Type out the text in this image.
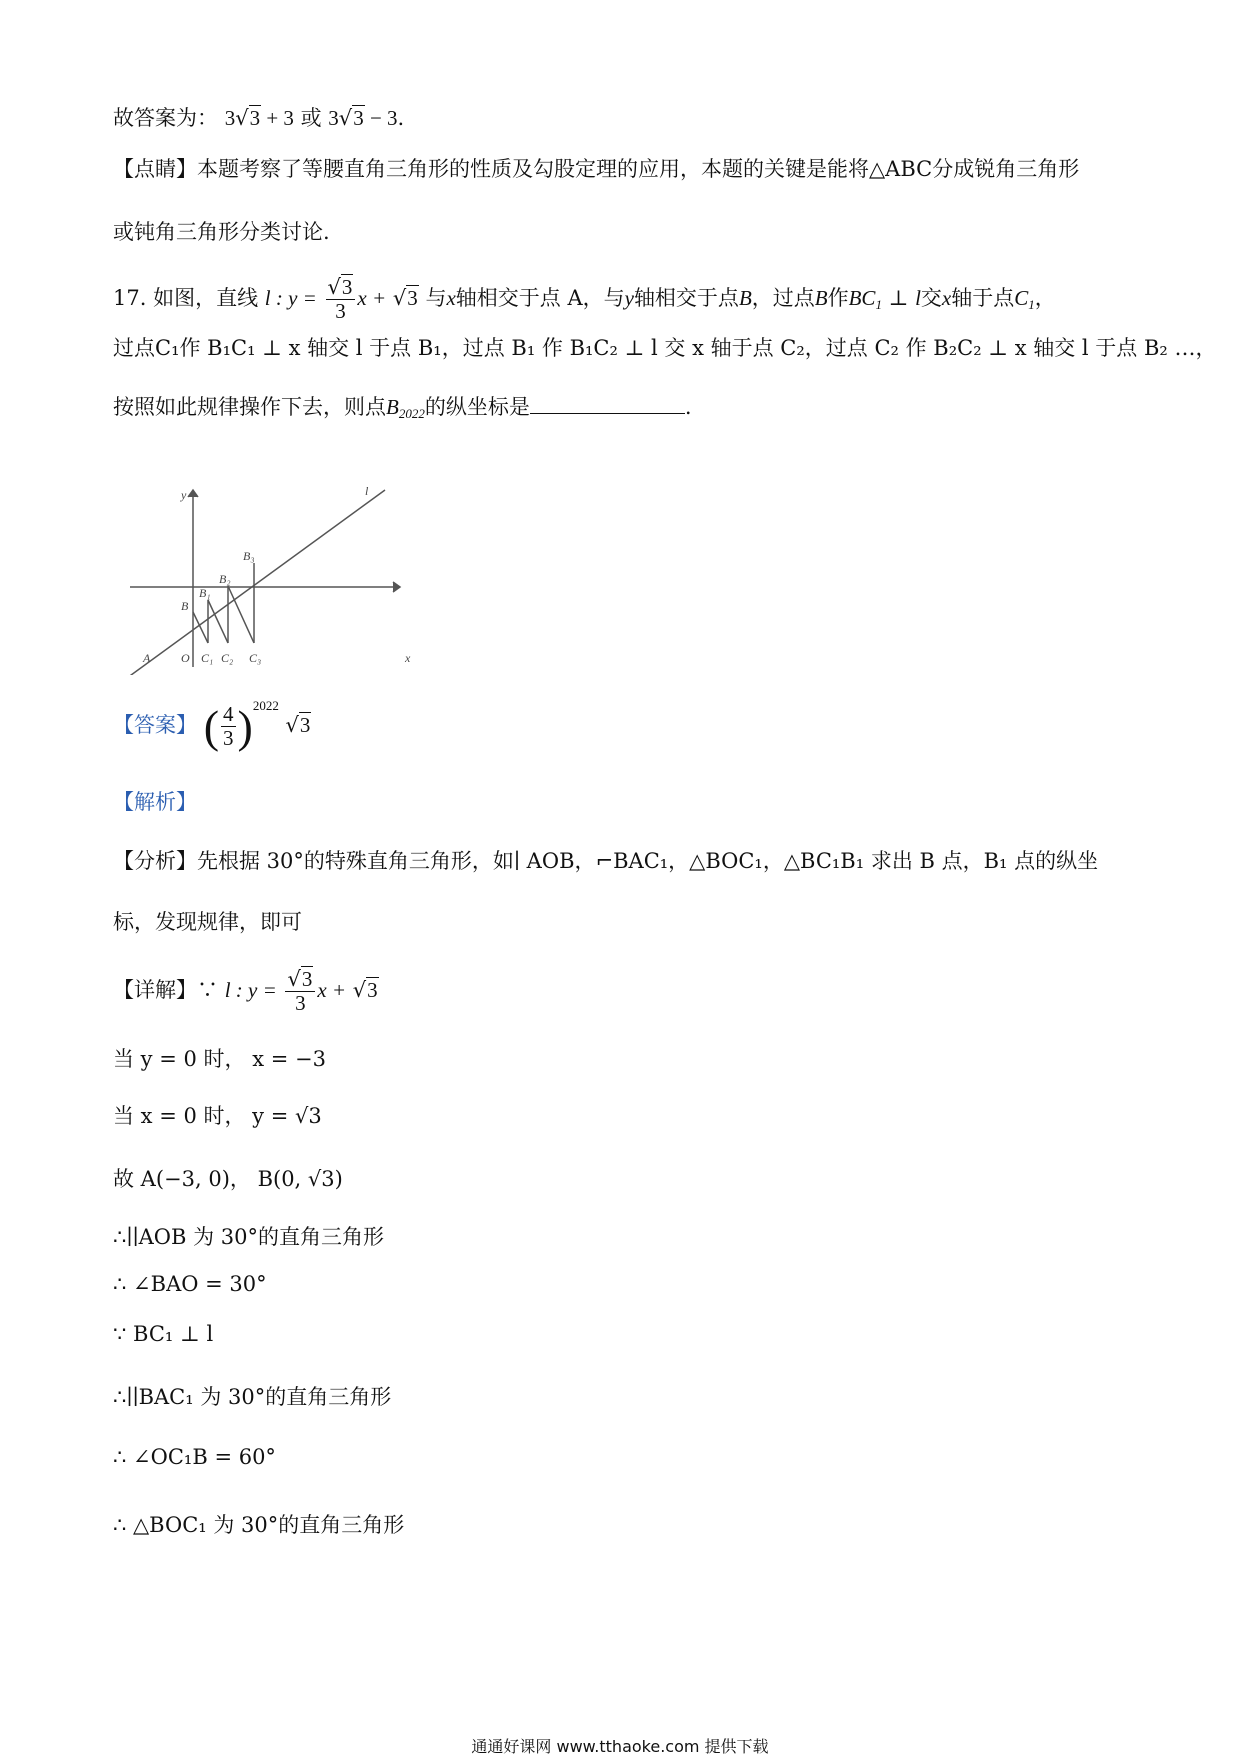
故答案为： 3√3 + 3 或 3√3 − 3.
【点睛】本题考察了等腰直角三角形的性质及勾股定理的应用，本题的关键是能将△ABC分成锐角三角形
或钝角三角形分类讨论.
17. 如图，直线 l : $y = \frac{√3}{3}$ x + √3 与x轴相交于点 A，与y轴相交于点B，过点B作$BC_1$ ⊥ l交x轴于点$C_1$，
过点C₁作 B₁C₁ ⊥ x 轴交 l 于点 B₁，过点 B₁ 作 B₁C₂ ⊥ l 交 x 轴于点 C₂，过点 C₂ 作 B₂C₂ ⊥ x 轴交 l 于点 B₂ …，
按照如此规律操作下去，则点$B_{2022}$的纵坐标是	.
y	l
x
A	O C₁ C₂ C₃
B
B₁
B₂
B₃
【答案】 ( $\frac{4}{3} )^{2022}$ √3
【解析】
【分析】先根据 30°的特殊直角三角形，如∣ AOB，⌐BAC₁，△BOC₁，△BC₁B₁ 求出 B 点，B₁ 点的纵坐
标，发现规律，即可
【详解】∵ l : $y = \frac{√3}{3}$ x + √3
当 y = 0 时， x = −3
当 x = 0 时， y = √3
故 A(−3, 0)， B(0, √3)
∴∣∣AOB 为 30°的直角三角形
∴ ∠BAO = 30°
∵ BC₁ ⊥ l
∴∣∣BAC₁ 为 30°的直角三角形
∴ ∠OC₁B = 60°
∴ △BOC₁ 为 30°的直角三角形
通通好课网 www.tthaoke.com 提供下载
